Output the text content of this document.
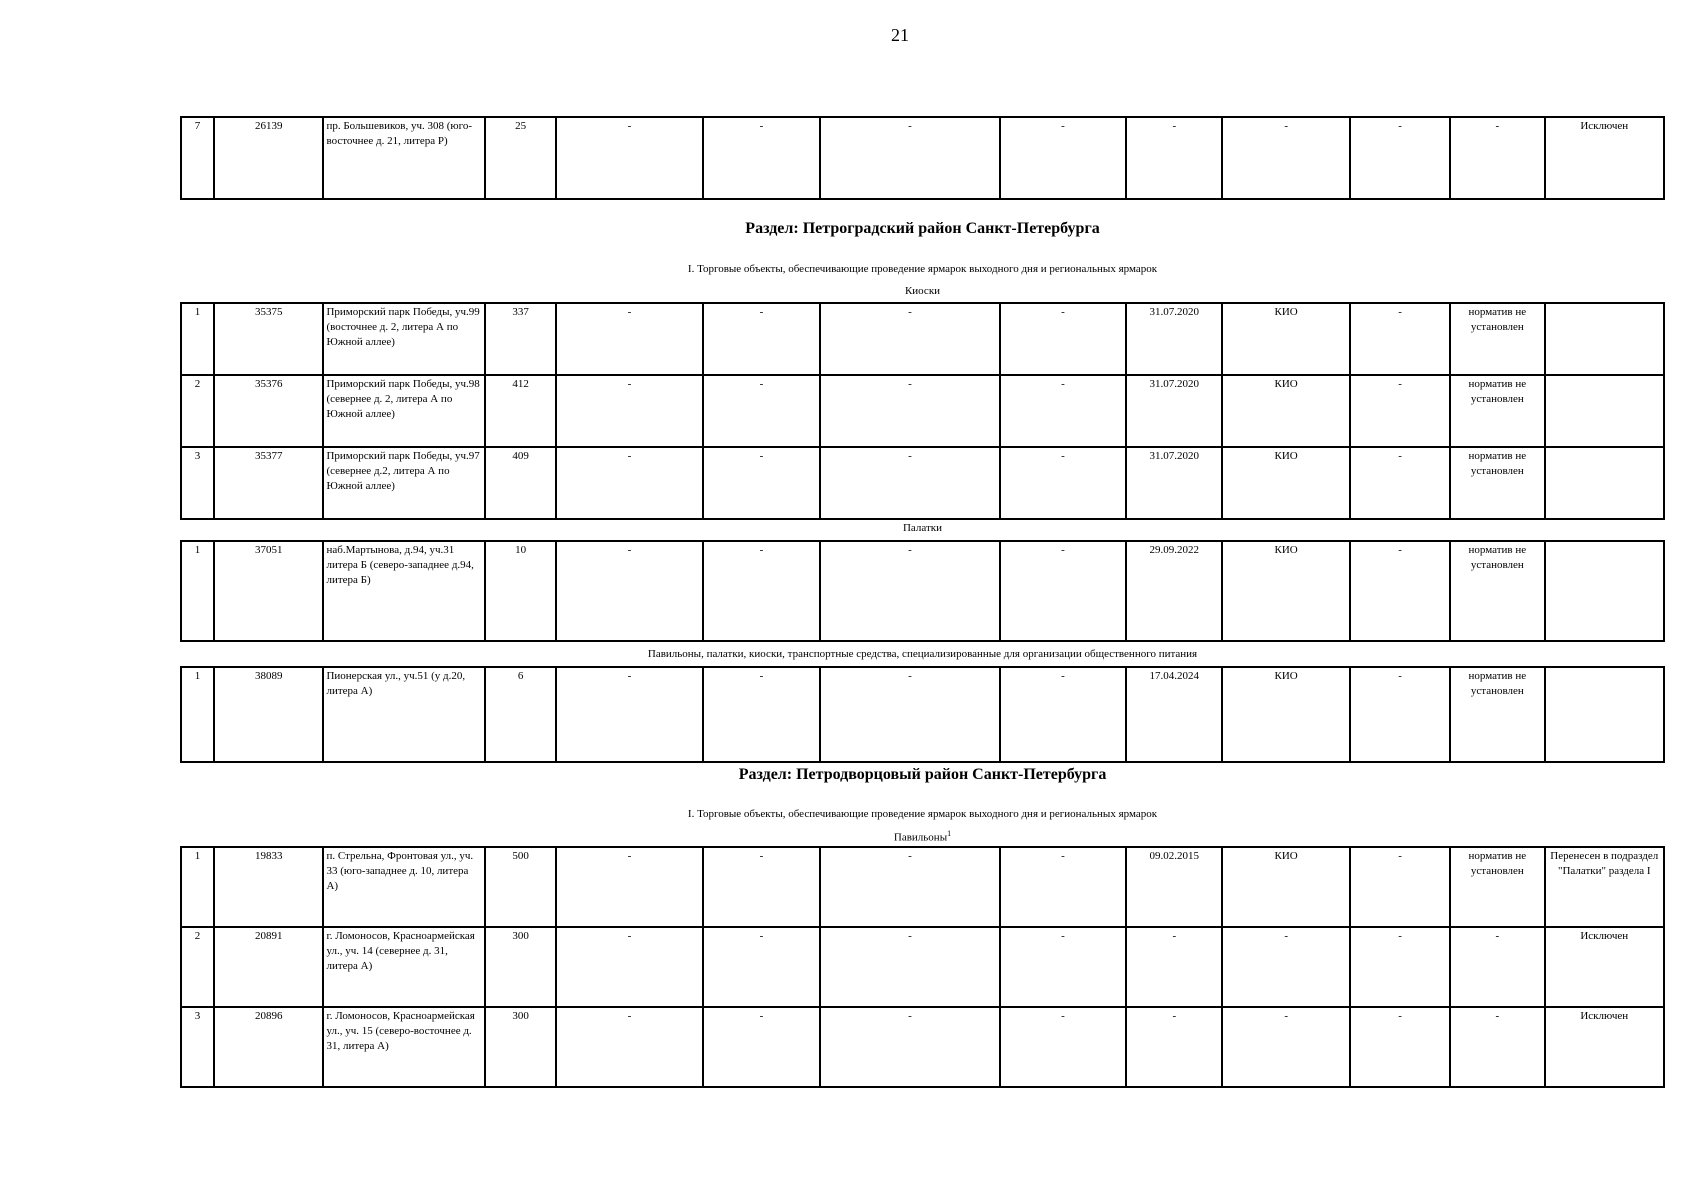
21
7	26139	пр. Большевиков, уч. 308 (юго-восточнее д. 21, литера Р)	25	-	-	-	-	-	-	-	-	Исключен
Раздел: Петроградский район Санкт-Петербурга
I. Торговые объекты, обеспечивающие проведение ярмарок выходного дня и региональных ярмарок
Киоски
1	35375	Приморский парк Победы, уч.99 (восточнее д. 2, литера А по Южной аллее)	337	-	-	-	-	31.07.2020	КИО	-	норматив не установлен	
2	35376	Приморский парк Победы, уч.98 (севернее д. 2, литера А по Южной аллее)	412	-	-	-	-	31.07.2020	КИО	-	норматив не установлен	
3	35377	Приморский парк Победы, уч.97 (севернее д.2, литера А по Южной аллее)	409	-	-	-	-	31.07.2020	КИО	-	норматив не установлен	
Палатки
1	37051	наб.Мартынова, д.94, уч.31 литера Б (северо-западнее д.94, литера Б)	10	-	-	-	-	29.09.2022	КИО	-	норматив не установлен	
Павильоны, палатки, киоски, транспортные средства, специализированные для организации общественного питания
1	38089	Пионерская ул., уч.51 (у д.20, литера А)	6	-	-	-	-	17.04.2024	КИО	-	норматив не установлен	
Раздел: Петродворцовый район Санкт-Петербурга
I. Торговые объекты, обеспечивающие проведение ярмарок выходного дня и региональных ярмарок
Павильоны$^1$
1	19833	п. Стрельна, Фронтовая ул., уч. 33 (юго-западнее д. 10, литера А)	500	-	-	-	-	09.02.2015	КИО	-	норматив не установлен	Перенесен в подраздел "Палатки" раздела I
2	20891	г. Ломоносов, Красноармейская ул., уч. 14 (севернее д. 31, литера А)	300	-	-	-	-	-	-	-	-	Исключен
3	20896	г. Ломоносов, Красноармейская ул., уч. 15 (северо-восточнее д. 31, литера А)	300	-	-	-	-	-	-	-	-	Исключен
